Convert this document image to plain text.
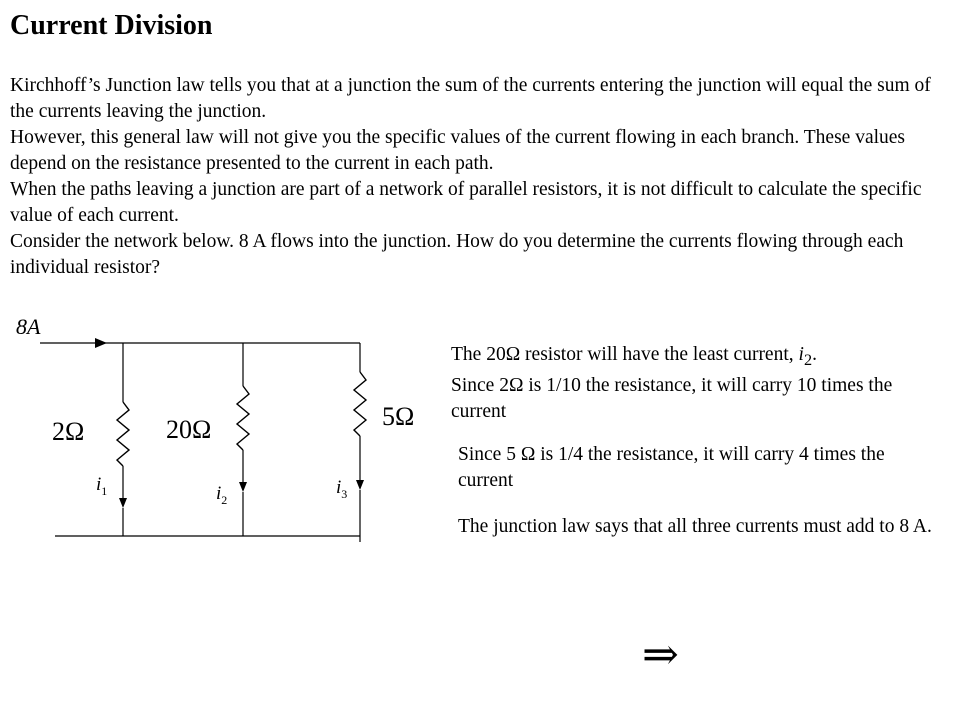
Current Division

Kirchhoff’s Junction law tells you that at a junction the sum of the currents entering the junction will equal the sum of the currents leaving the junction.

However, this general law will not give you the specific values of the current flowing in each branch. These values depend on the resistance presented to the current in each path.

When the paths leaving a junction are part of a network of parallel resistors, it is not difficult to calculate the specific value of each current.

Consider the network below. 8 A flows into the junction. How do you determine the currents flowing through each individual resistor?

8A
2Ω
$i_1$
20Ω
$i_2$
5Ω
$i_3$

The 20Ω resistor will have the least current, $i_2$.
Since 2Ω is 1/10 the resistance, it will carry 10 times the current

Since 5 Ω is 1/4 the resistance, it will carry 4 times the current

The junction law says that all three currents must add to 8 A.

⇒
